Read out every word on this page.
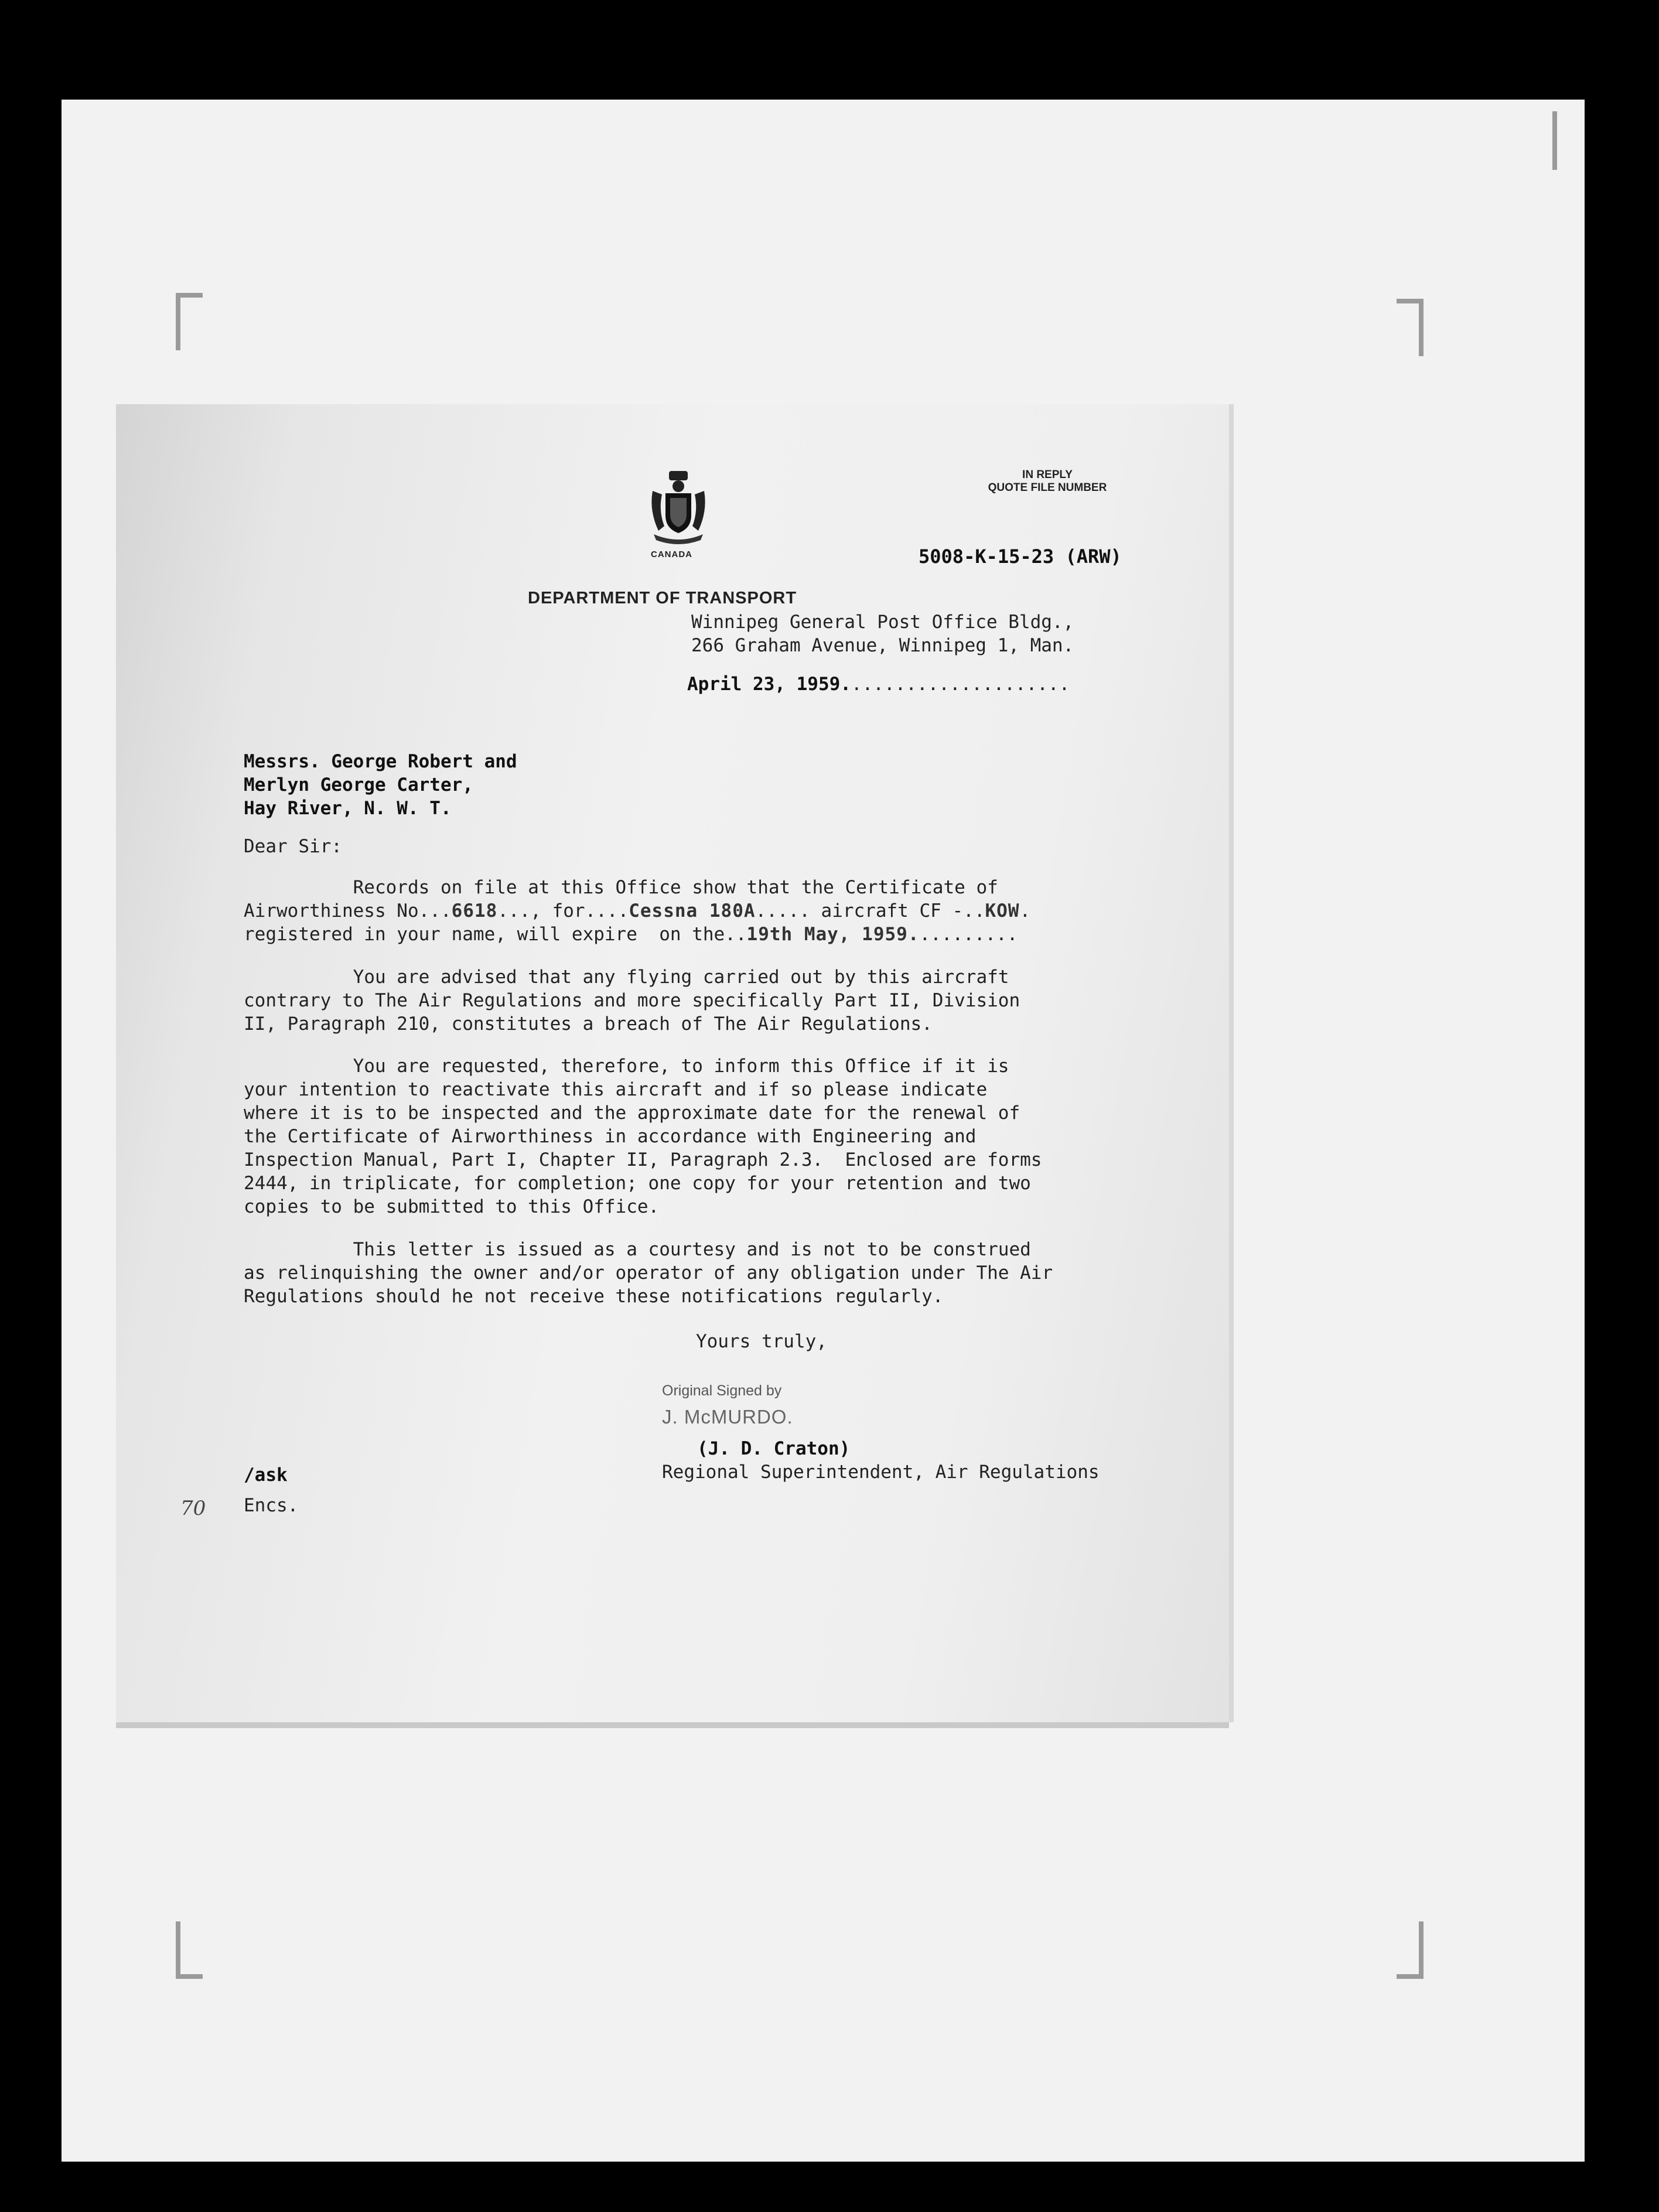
CANADA
IN REPLY
QUOTE FILE NUMBER
5008-K-15-23 (ARW)
DEPARTMENT OF TRANSPORT
Winnipeg General Post Office Bldg.,
266 Graham Avenue, Winnipeg 1, Man.
April 23, 1959.....................
Messrs. George Robert and
Merlyn George Carter,
Hay River, N. W. T.
Dear Sir:
Records on file at this Office show that the Certificate of
Airworthiness No...6618..., for....Cessna 180A..... aircraft CF -..KOW.
registered in your name, will expire  on the..19th May, 1959..........
You are advised that any flying carried out by this aircraft
contrary to The Air Regulations and more specifically Part II, Division
II, Paragraph 210, constitutes a breach of The Air Regulations.
You are requested, therefore, to inform this Office if it is
your intention to reactivate this aircraft and if so please indicate
where it is to be inspected and the approximate date for the renewal of
the Certificate of Airworthiness in accordance with Engineering and
Inspection Manual, Part I, Chapter II, Paragraph 2.3.  Enclosed are forms
2444, in triplicate, for completion; one copy for your retention and two
copies to be submitted to this Office.
This letter is issued as a courtesy and is not to be construed
as relinquishing the owner and/or operator of any obligation under The Air
Regulations should he not receive these notifications regularly.
Yours truly,
Original Signed by
J. McMURDO.
(J. D. Craton)
Regional Superintendent, Air Regulations
/ask
Encs.
70
